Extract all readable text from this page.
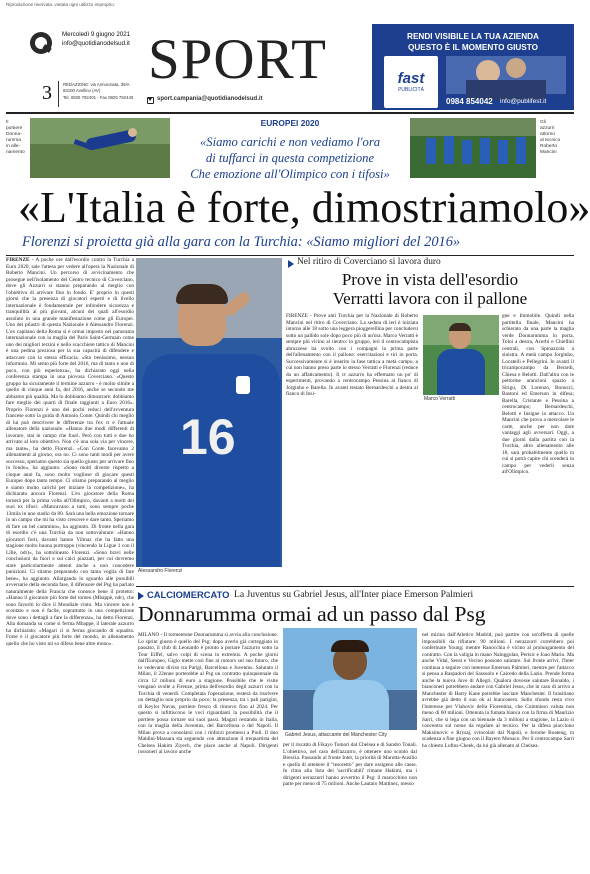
Riproduzione riservata, vietata ogni utilizzo improprio.
Mercoledì 9 giugno 2021
info@quotidianodelsud.it SPORT
3	REDAZIONE: via Annunziata, 39/A
83100 Avellino (AV)
Tel. 0825 792401 - Fax 0825 792440	sport.campania@quotidianodelsud.it
RENDI VISIBILE LA TUA AZIENDA
QUESTO È IL MOMENTO GIUSTO
fast
PUBLICITÀ
0984 854042 info@publifest.it
EUROPEI 2020
Il
portiere
Donna-
rumma
in alle-
namento
«Siamo carichi e non vediamo l'ora
di tuffarci in questa competizione
Che emozione all'Olimpico con i tifosi»
Gli
azzurri
attorno
al tecnico
Roberto
Mancini
«L'Italia è forte, dimostriamolo»
Florenzi si proietta già alla gara con la Turchia: «Siamo migliori del 2016»
FIRENZE - A poche ore dall'esordio contro la Turchia a Euro 2020, sale l'attesa per vedere all'opera la Nazionale di Roberto Mancini. Un percorso di avvicinamento che prosegue nell'isolamento del Centro tecnico di Coverciano, dove gli Azzurri si stanno preparando al meglio con l'obiettivo di arrivare fino in fondo. E' proprio in questi giorni che la presenza di giocatori esperti e di livello internazionale è fondamentale per infondere sicurezza e tranquillità ai più giovani, alcuni dei quali all'esordio assoluto in una grande manifestazione come gli Europei. Uno dei pilastri di questa Nazionale è Alessandro Florenzi. L'ex capitano della Roma si è ormai imposto nel panorama internazionale con la maglia del Paris Saint-Germain come uno dei migliori terzini e nello scacchiere tattico di Mancini è una pedina preziosa per la sua capacità di difendere e attaccare con la stessa efficacia. «Sto benissimo, nessun infortunio. Mi sento più forte del 2016, ma di tanto e non di poco, con più esperienza», ha dichiarato oggi nella conferenza stampa in una piovosa Coverciano. «Questo gruppo ha sicuramente il termine azzurro - è molto simile a quello di cinque anni fa, del 2016, anche se secondo me abbiamo più qualità. Ma lo dobbiamo dimostrare: dobbiamo fare meglio dei quarti di finale raggiunti a Euro 2016». Proprio Florenzi è uno dei pochi reduci dell'avventura francese sotto la guida di Antonio Conte. Quindi chi meglio di lui può descrivere le differenze tra l'ex ct e l'attuale allenatore della nazionale. «Hanno due modi differenti di lavorare, stai in campo che fuori. Però con tutti e due ho arrivato al loro obiettivo. Non c'è una sola via per vincere, ma tante», ha detto Florenzi. «Con Conte facevamo 2 allenamenti al giorno, ora no. Ci sono tanti modi per avere successo, speriamo questo sia quello giusto per arrivare fino in fondo», ha aggiunto. «Sono molti diverse rispetto a cinque anni fa, sono molto vogliose di giocare questi Europei dopo tanto tempo. Ci stiamo preparando al meglio e siamo molto carichi per iniziare la competizione», ha dichiarato ancora Florenzi. L'ex giocatore della Roma tornerà per la prima volta all'Olimpico, davanti a molti dei suoi ex tifosi: «Mancavano a tutti, sono sempre poche 13mila in uno stadio da 80. Sarà una bella emozione tornare in un campo che mi ha visto crescere e dare tanto. Speriamo di fare un bel cammino», ha aggiunto. Di fronte nella gara di esordio c'è una Turchia da non sottovalutare: «Hanno giocatori forti, davanti hanno Yilmaz che ha fatto una stagione molto buona purtroppo (vincendo la Ligue 1 con il Lille, ndr)», ha sottolineato Florenzi. «Sono bravi nelle conclusioni da fuori e sui calci piazzati, per cui dovremo stare particolarmente attenti anche a non concedere punizioni. Ci stiamo preparando con tanta voglia di fare bene», ha aggiunto. Allargando lo sguardo alle possibili avversarie della seconda fase, il difensore del Psg ha parlato naturalmente della Francia che conosce bene il protetto: «Hanno il giocatore più forte del torneo (Mbappè, ndr), che sono favoriti lo dice il Mondiale vinto. Ma vincere non è scontato e non è facile, soprattutto in una competizione dove sono i dettagli a fare la differenza», ha detto Florenzi. Alla domanda su come si ferma Mbappè, il laterale azzurro ha dichiarato: «Magari ci si ferma giocando di squadra. Forse è il giocatore più forte del mondo, in allenamento quello che ho visto mi so difeso bene altre mono».
16
Alessandro Florenzi
Nel ritiro di Coverciano si lavora duro
Prove in vista dell'esordio
Verratti lavora con il pallone
FIRENZE - Prove anti Turchia per la Nazionale di Roberto Mancini nel ritiro di Coverciano. La seduta di ieri è iniziata intorno alle 18 sotto una leggera pioggerellina per concludersi sotto un pallido sole dopo poco più di un'ora. Marco Verratti è sempre più vicino al rientro: in gruppo, ieri il centrocampista abruzzese ha svolto con i compagni la prima parte dell'allenamento con il pallone: esercitazioni e tiri in porta. Successivamente si è inserito la fase tattica a metà campo, a cui non hanno preso parte lo stesso Verratti e Florenzi (reduce da un affaticamento). Il ct azzurro ha effettuato un po' di esperimenti, provando a centrocampo Pessina al fianco di Jorginho e Barella. In avanti testato Bernardeschi a destra al fianco di Insi-
Marco Verratti
gne e Immobile. Quindi nella partitella finale, Mancini ha schierato da una parte la maglia verde Donnarumma in porta, Toloi a destra, Acerbi e Chiellini centrali, con Spinazzola a sinistra. A metà campo Jorginho, Locatelli e Pellegrini. In avanti il tricampocampo da Berardi, Chiesa e Belotti. Dall'altra con le pettorine arancioni spazio a Sirigu, Di Lorenzo, Bonucci, Bastoni ed Emerson in difesa; Barella, Cristante e Pessina a centrocampo; Bernardeschi, Belotti e Insigne in attacco. Un Mancini che prova a mescolare le carte, anche per non dare vantaggi agli avversari. Oggi, a due giorni dalla partita con la Turchia, altro allenamento alle 18, sarà probabilmente quello in cui si potrà capire chi scenderà in campo per vederli senza all'Olimpico.
CALCIOMERCATO La Juventus su Gabriel Jesus, all'Inter piace Emerson Palmieri
Donnarumma ormai ad un passo dal Psg
MILANO - Il tormentone Donnarumma si avvia alla conclusione. Lo sprint giusto è quello del Psg: dopo averlo già corteggiato in passato, il club di Leonardo è pronto a portare l'azzurro sotto la Tour Eiffel, salvo colpi di scena in extremis. A poche giorni dall'Europeo, Gigio mette così fine ai rumors sul suo futuro, che lo vedevano diviso tra Parigi, Barcellona e Juventus. Salutato il Milan, il 22enne porterebbe al Psg un contratto quinquennale da circa 12 milioni di euro a stagione. Possibile che le visite vengano svolte a Firenze, prima dell'esordio degli azzurri con la Turchia di venerdì. Completata l'operazione, resterà da risolvere un dettaglio non proprio da poco: la presenza, tra i pali parigini, di Keylor Navas, portiere fresco di rinnovo fino al 2024. Per questo si infittiscono le voci riguardanti la possibilità che il portiere possa tornare sui suoi passi. Magari restando in Italia, con la maglia della Juventus, del Barcellona o del Napoli. Il Milan prova a consolarsi con i rinforzi promessi a Pioli. Il duo Maldini-Massara sta seguendo con attenzione il trequartista del Chelsea Hakim Ziyech, che piace anche al Napoli. Dirigenti rossoneri al lavoro anche
Gabriel Jesus, attaccante del Manchester City
per il riscatto di Fikayo Tomori dal Chelsea e di Sandro Tonali. L'obiettivo, nel caso dell'azzurro, è ottenere uno sconto dal Brescia. Passando al fronte Inter, la priorità di Marotta-Ausilio e quella di ottenere il "tesoretto" per dare ossigeno alle casse. In cima alla lista dei 'sacrificabili' rimane Hakimi, ma i dirigenti nerazzurri hanno avvertito il Psg: il marocchino non parte per meno di 75 milioni. Anche Lautaro Martinez, messo
nel mirino dall'Atletico Madrid, può partire con un'offerta di quelle impossibili da rifiutare: 90 milioni. I nerazzurri correbbero poi confermare Young; mentre Ranocchia è vicino al prolungamento del contratto. Con la valigia in mano Nainggolan, Perisic e Joao Mario. Ma anche Vidal, Sensi e Vecino possono salutare. Sul fronte arrivi, l'Inter continua a seguire con interesse Emerson Palmieri, mentre per l'attacco si pensa a Raspadori del Sassuolo e Caicedo della Lazio. Prende forma anche la nuova Juve di Allegri. Qualora dovesse salutare Ronaldo, i bianconeri potrebbero andare con Gabriel Jesus, che in caso di arrivo a Manchester di Harry Kane potrebbe lasciare Manchester. Il brasiliano avrebbe già detto il suo ok al bianconero. Sullo sfondo resta vivo l'interesse per Vlahovic della Fiorentina, che Commisso valuta non meno di 60 milioni. Ottenuta la fumata bianca con la firma di Maurizio Sarri, che si lega con un biennale da 3 milioni a stagione, la Lazio si concentra sul nome da regalare al tecnico. Per la difesa piacciono Maksimovic e Rrysaj, svincolati dal Napoli, e Jerome Boateng, in scadenza a fine giugno con il Bayern Monaco. Per il centrocampo Sarri ha chiesto Loftus-Cheek, da lui già allenato al Chelsea.
